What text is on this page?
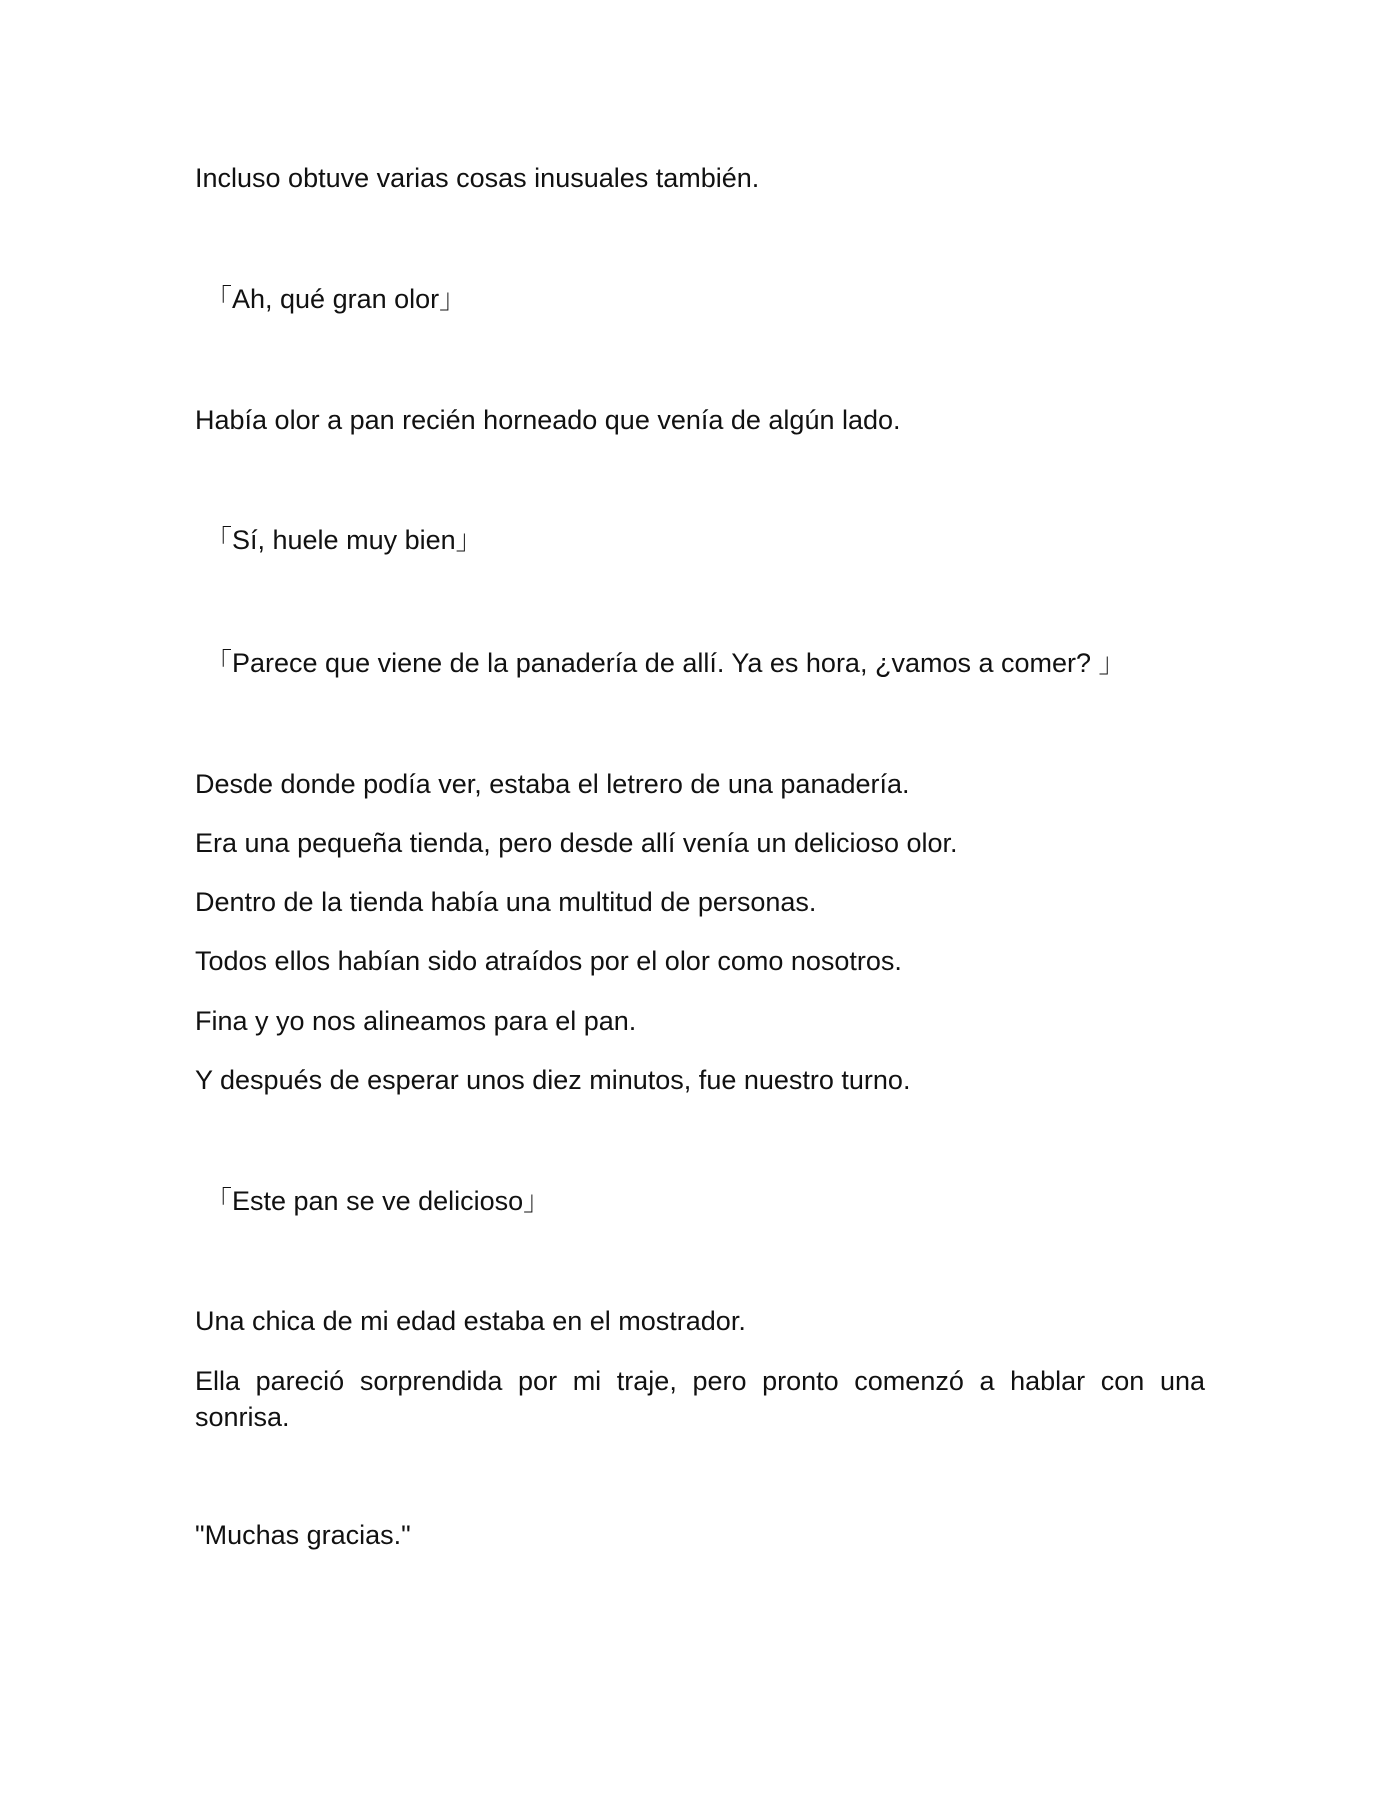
Incluso obtuve varias cosas inusuales también.

「Ah, qué gran olor」

Había olor a pan recién horneado que venía de algún lado.

「Sí, huele muy bien」

「Parece que viene de la panadería de allí. Ya es hora, ¿vamos a comer? 」

Desde donde podía ver, estaba el letrero de una panadería.

Era una pequeña tienda, pero desde allí venía un delicioso olor.

Dentro de la tienda había una multitud de personas.

Todos ellos habían sido atraídos por el olor como nosotros.

Fina y yo nos alineamos para el pan.

Y después de esperar unos diez minutos, fue nuestro turno.

「Este pan se ve delicioso」

Una chica de mi edad estaba en el mostrador.

Ella pareció sorprendida por mi traje, pero pronto comenzó a hablar con una sonrisa.

"Muchas gracias."
